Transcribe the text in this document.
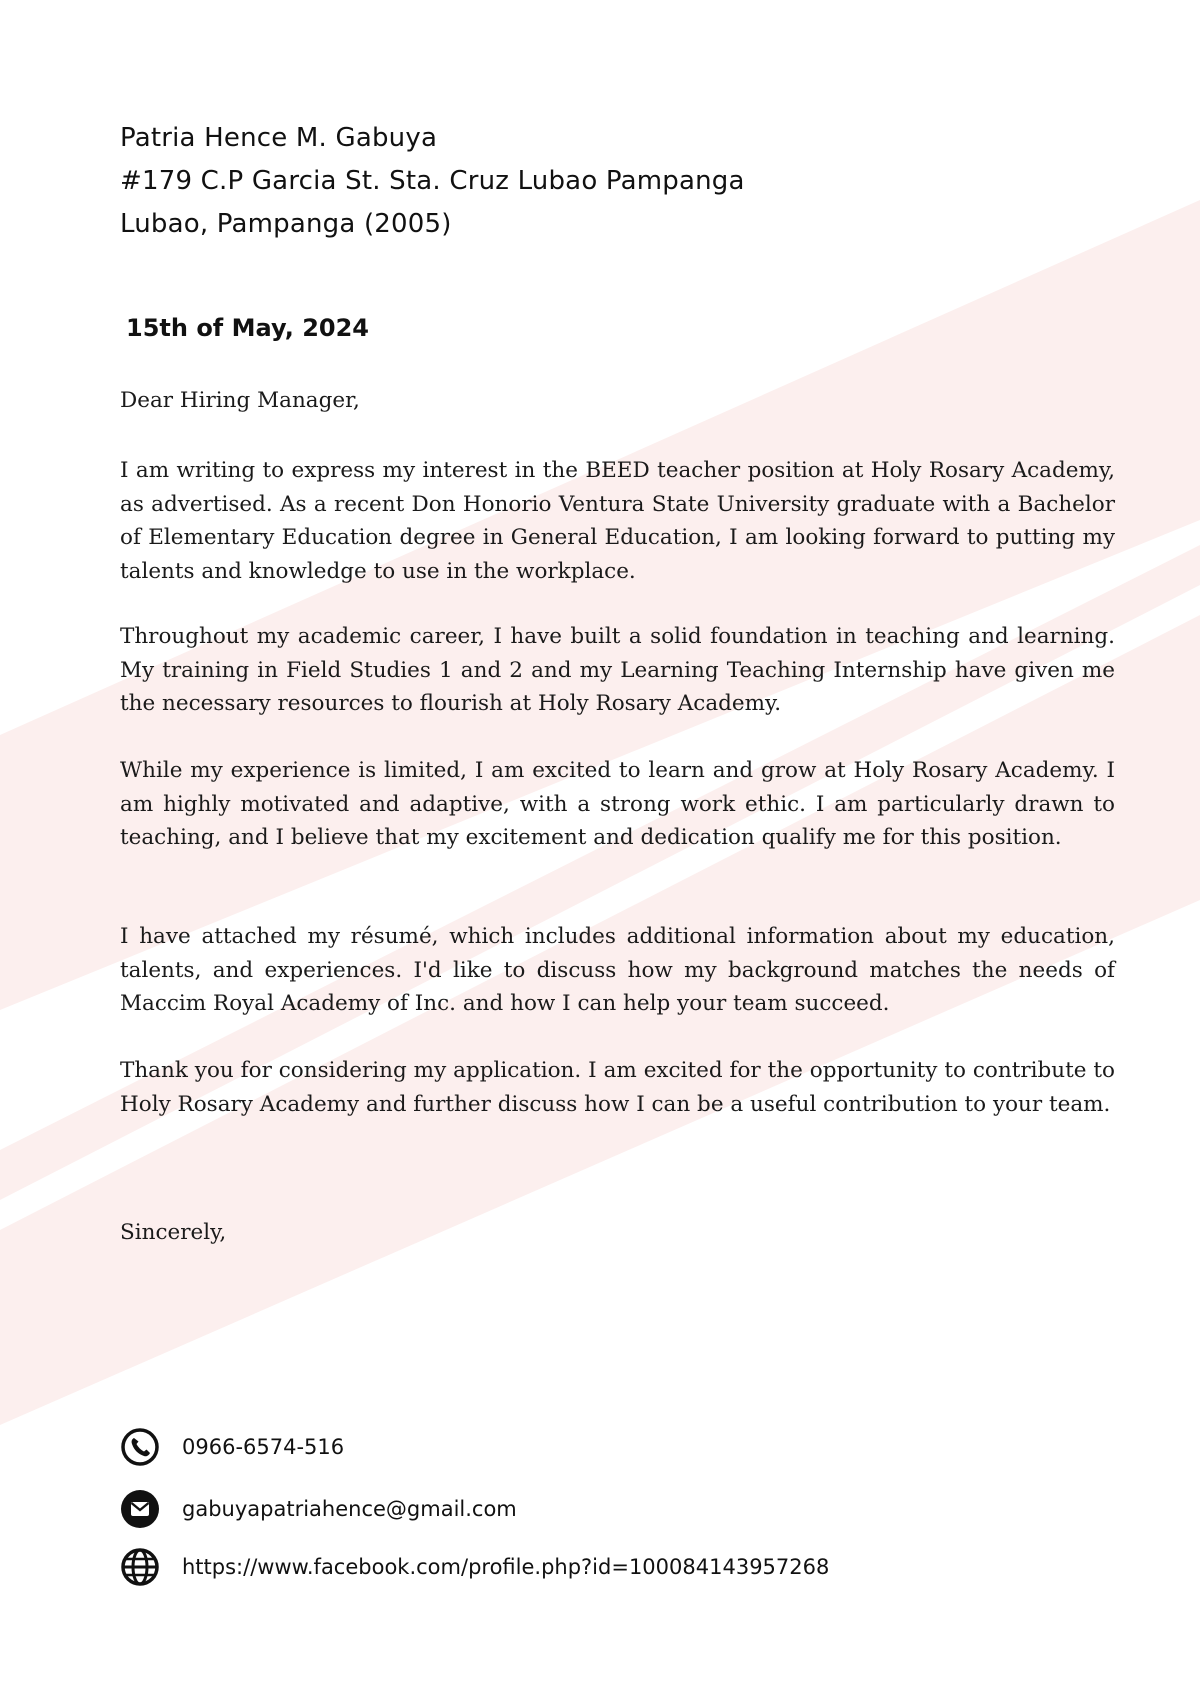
Patria Hence M. Gabuya
#179 C.P Garcia St. Sta. Cruz Lubao Pampanga
Lubao, Pampanga (2005)
15th of May, 2024
Dear Hiring Manager,

I am writing to express my interest in the BEED teacher position at Holy Rosary Academy, as advertised. As a recent Don Honorio Ventura State University graduate with a Bachelor of Elementary Education degree in General Education, I am looking forward to putting my talents and knowledge to use in the workplace.

Throughout my academic career, I have built a solid foundation in teaching and learning. My training in Field Studies 1 and 2 and my Learning Teaching Internship have given me the necessary resources to flourish at Holy Rosary Academy.

While my experience is limited, I am excited to learn and grow at Holy Rosary Academy. I am highly motivated and adaptive, with a strong work ethic. I am particularly drawn to teaching, and I believe that my excitement and dedication qualify me for this position.

I have attached my résumé, which includes additional information about my education, talents, and experiences. I'd like to discuss how my background matches the needs of Maccim Royal Academy of Inc. and how I can help your team succeed.

Thank you for considering my application. I am excited for the opportunity to contribute to Holy Rosary Academy and further discuss how I can be a useful contribution to your team.

Sincerely,
0966-6574-516
gabuyapatriahence@gmail.com
https://www.facebook.com/profile.php?id=100084143957268
